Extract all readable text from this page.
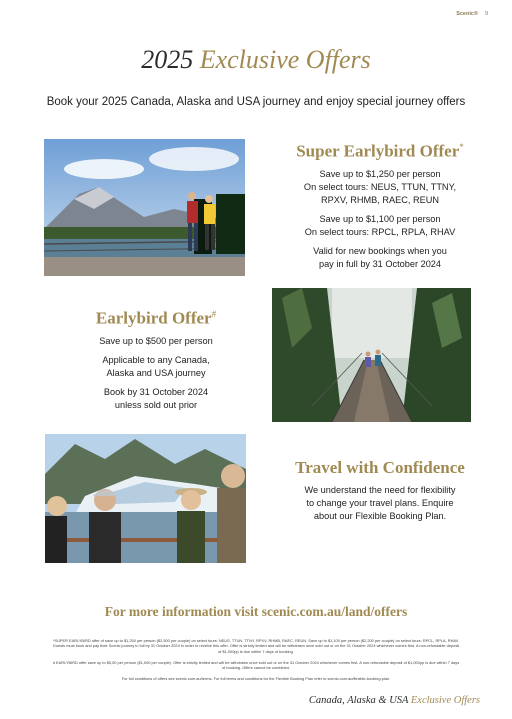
Scenic® 9
2025 Exclusive Offers
Book your 2025 Canada, Alaska and USA journey and enjoy special journey offers
Super Earlybird Offer*
Save up to $1,250 per person
On select tours: NEUS, TTUN, TTNY,

RPXV, RHMB, RAEC, REUN

Save up to $1,100 per person

On select tours: RPCL, RPLA, RHAV

Valid for new bookings when you
pay in full by 31 October 2024
Earlybird Offer#

Save up to $500 per person

Applicable to any Canada,

Alaska and USA journey

Book by 31 October 2024
unless sold out prior
Travel with Confidence
We understand the need for flexibility
to change your travel plans. Enquire
about our Flexible Booking Plan.
For more information visit scenic.com.au/land/offers
*SUPER EARLYBIRD offer of save up to $1,250 per person ($2,500 per couple) on select tours: NEUS, TTUN, TTNY, RPXV, RHMB, RAEC, REUN. Save up to $1,100 per person ($2,200 per couple) on select tours: RPCL, RPLA, RHAV. Guests must book and pay their Scenic journey in full by 31 October 2024 in order to receive this offer. Offer is strictly limited and will be withdrawn once sold out or on the 31 October 2024 whichever comes first. A non-refundable deposit of $1,000pp is due within 7 days of booking.
# EARLYBIRD offer save up to $5,00 per person ($1,000 per couple). Offer is strictly limited and will be withdrawn once sold out or on the 31 October 2024 whichever comes first. A non-refundable deposit of $1,000pp is due within 7 days of booking. Offers cannot be combined.
For full conditions of offers see scenic.com.au/terms. For full terms and conditions for the Flexible Booking Plan refer to scenic.com.au/flexible-booking-plan.
Canada, Alaska & USA Exclusive Offers
